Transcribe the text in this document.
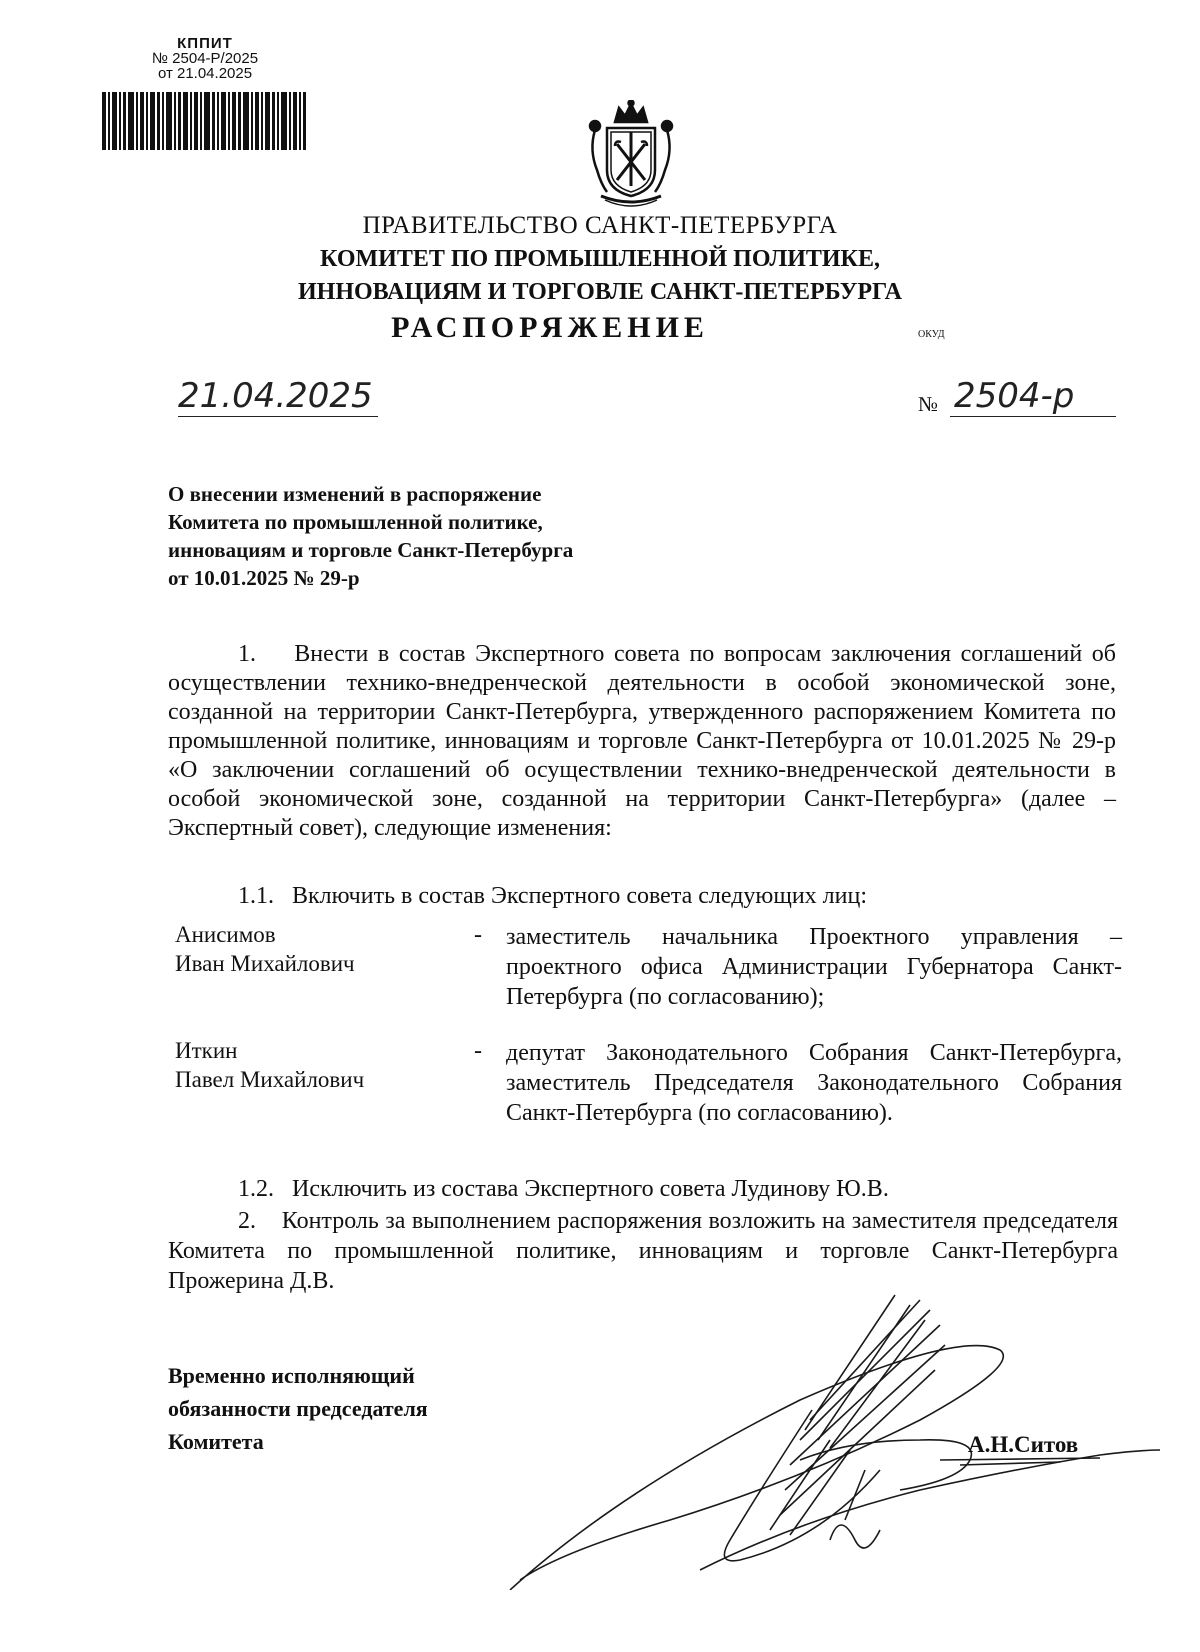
КППИТ
№ 2504-Р/2025
от 21.04.2025
ПРАВИТЕЛЬСТВО САНКТ-ПЕТЕРБУРГА
КОМИТЕТ ПО ПРОМЫШЛЕННОЙ ПОЛИТИКЕ,
ИННОВАЦИЯМ И ТОРГОВЛЕ САНКТ-ПЕТЕРБУРГА
РАСПОРЯЖЕНИЕ	ОКУД
21.04.2025	№ 2504-р
О внесении изменений в распоряжение
Комитета по промышленной политике,
инновациям и торговле Санкт-Петербурга
от 10.01.2025 № 29-р
1.    Внести в состав Экспертного совета по вопросам заключения соглашений об осуществлении технико-внедренческой деятельности в особой экономической зоне, созданной на территории Санкт-Петербурга, утвержденного распоряжением Комитета по промышленной политике, инновациям и торговле Санкт-Петербурга от 10.01.2025 № 29-р «О заключении соглашений об осуществлении технико-внедренческой деятельности в особой экономической зоне, созданной на территории Санкт-Петербурга» (далее – Экспертный совет), следующие изменения:
1.1.   Включить в состав Экспертного совета следующих лиц:
Анисимов
Иван Михайлович
- заместитель начальника Проектного управления – проектного офиса Администрации Губернатора Санкт-Петербурга (по согласованию);
Иткин
Павел Михайлович
- депутат Законодательного Собрания Санкт-Петербурга, заместитель Председателя Законодательного Собрания Санкт-Петербурга (по согласованию).
1.2.   Исключить из состава Экспертного совета Лудинову Ю.В.
2.    Контроль за выполнением распоряжения возложить на заместителя председателя Комитета по промышленной политике, инновациям и торговле Санкт-Петербурга Прожерина Д.В.
Временно исполняющий
обязанности председателя
Комитета	А.Н.Ситов
